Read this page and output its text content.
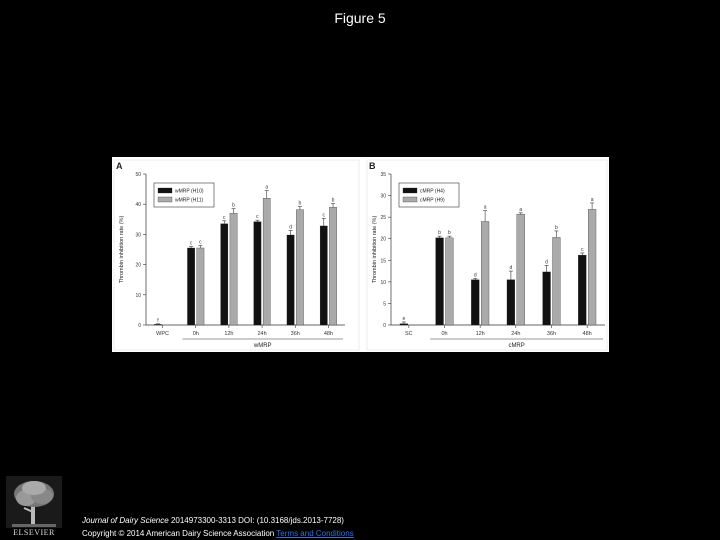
Figure 5
A
0
10
20
30
40
50
Thrombin inhibition rate (%)
WPC
f
0h
c c
12h
c
b
24h
c
a
36h
d
b
48h
c
b
wMRP (H10)
wMRP (H11)
wMRP
B
0
5
10
15
20
25
30
35
Thrombin inhibition rate (%)
SC
e
0h
b b
12h
d
a
24h
d
a
36h
d
b
48h
c
a
cMRP (H4)
cMRP (H9)
cMRP
ELSEVIER
Journal of Dairy Science 2014973300-3313 DOI: (10.3168/jds.2013-7728)
Copyright © 2014 American Dairy Science Association Terms and Conditions
